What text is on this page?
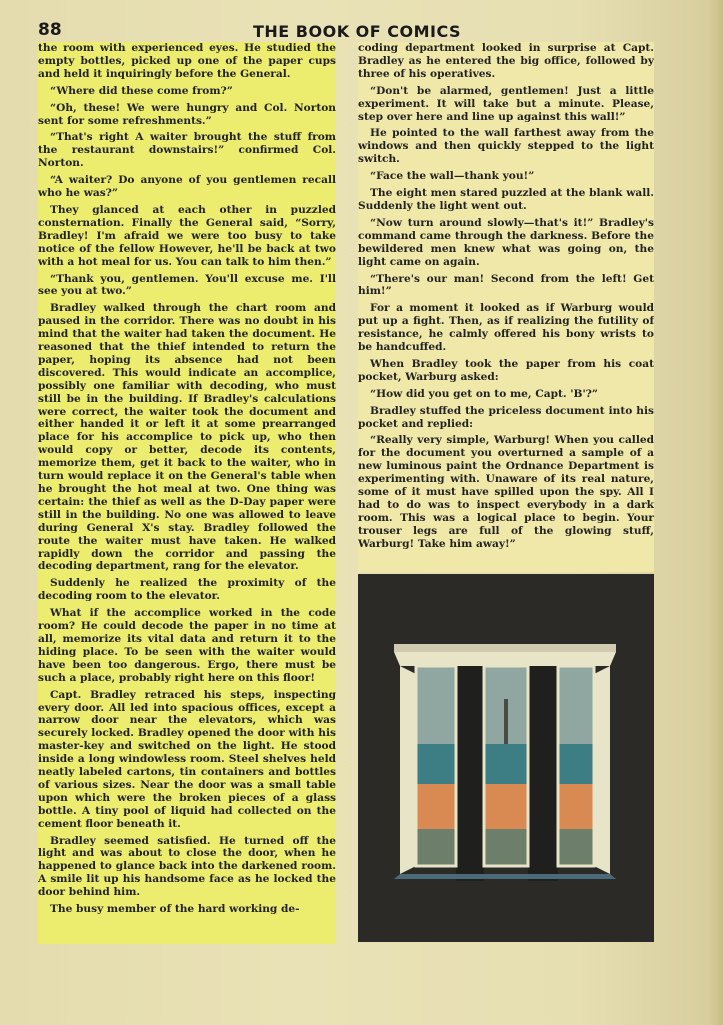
88	THE BOOK OF COMICS

the room with experienced eyes. He studied the empty bottles, picked up one of the paper cups and held it inquiringly before the General.

“Where did these come from?”

“Oh, these! We were hungry and Col. Norton sent for some refreshments.”

“That's right A waiter brought the stuff from the restaurant downstairs!” confirmed Col. Norton.

“A waiter? Do anyone of you gentlemen recall who he was?”

They glanced at each other in puzzled consternation. Finally the General said, “Sorry, Bradley! I'm afraid we were too busy to take notice of the fellow However, he'll be back at two with a hot meal for us. You can talk to him then.”

“Thank you, gentlemen. You'll excuse me. I'll see you at two.”

Bradley walked through the chart room and paused in the corridor. There was no doubt in his mind that the waiter had taken the document. He reasoned that the thief intended to return the paper, hoping its absence had not been discovered. This would indicate an accomplice, possibly one familiar with decoding, who must still be in the building. If Bradley's calculations were correct, the waiter took the document and either handed it or left it at some prearranged place for his accomplice to pick up, who then would copy or better, decode its contents, memorize them, get it back to the waiter, who in turn would replace it on the General's table when he brought the hot meal at two. One thing was certain: the thief as well as the D-Day paper were still in the building. No one was allowed to leave during General X's stay. Bradley followed the route the waiter must have taken. He walked rapidly down the corridor and passing the decoding department, rang for the elevator.

Suddenly he realized the proximity of the decoding room to the elevator.

What if the accomplice worked in the code room? He could decode the paper in no time at all, memorize its vital data and return it to the hiding place. To be seen with the waiter would have been too dangerous. Ergo, there must be such a place, probably right here on this floor!

Capt. Bradley retraced his steps, inspecting every door. All led into spacious offices, except a narrow door near the elevators, which was securely locked. Bradley opened the door with his master-key and switched on the light. He stood inside a long windowless room. Steel shelves held neatly labeled cartons, tin containers and bottles of various sizes. Near the door was a small table upon which were the broken pieces of a glass bottle. A tiny pool of liquid had collected on the cement floor beneath it.

Bradley seemed satisfied. He turned off the light and was about to close the door, when he happened to glance back into the darkened room. A smile lit up his handsome face as he locked the door behind him.

The busy member of the hard working de-

coding department looked in surprise at Capt. Bradley as he entered the big office, followed by three of his operatives.

“Don't be alarmed, gentlemen! Just a little experiment. It will take but a minute. Please, step over here and line up against this wall!”

He pointed to the wall farthest away from the windows and then quickly stepped to the light switch.

“Face the wall—thank you!”

The eight men stared puzzled at the blank wall. Suddenly the light went out.

“Now turn around slowly—that's it!” Bradley's command came through the darkness. Before the bewildered men knew what was going on, the light came on again.

“There's our man! Second from the left! Get him!”

For a moment it looked as if Warburg would put up a fight. Then, as if realizing the futility of resistance, he calmly offered his bony wrists to be handcuffed.

When Bradley took the paper from his coat pocket, Warburg asked:

“How did you get on to me, Capt. 'B'?”

Bradley stuffed the priceless document into his pocket and replied:

“Really very simple, Warburg! When you called for the document you overturned a sample of a new luminous paint the Ordnance Department is experimenting with. Unaware of its real nature, some of it must have spilled upon the spy. All I had to do was to inspect everybody in a dark room. This was a logical place to begin. Your trouser legs are full of the glowing stuff, Warburg! Take him away!”
